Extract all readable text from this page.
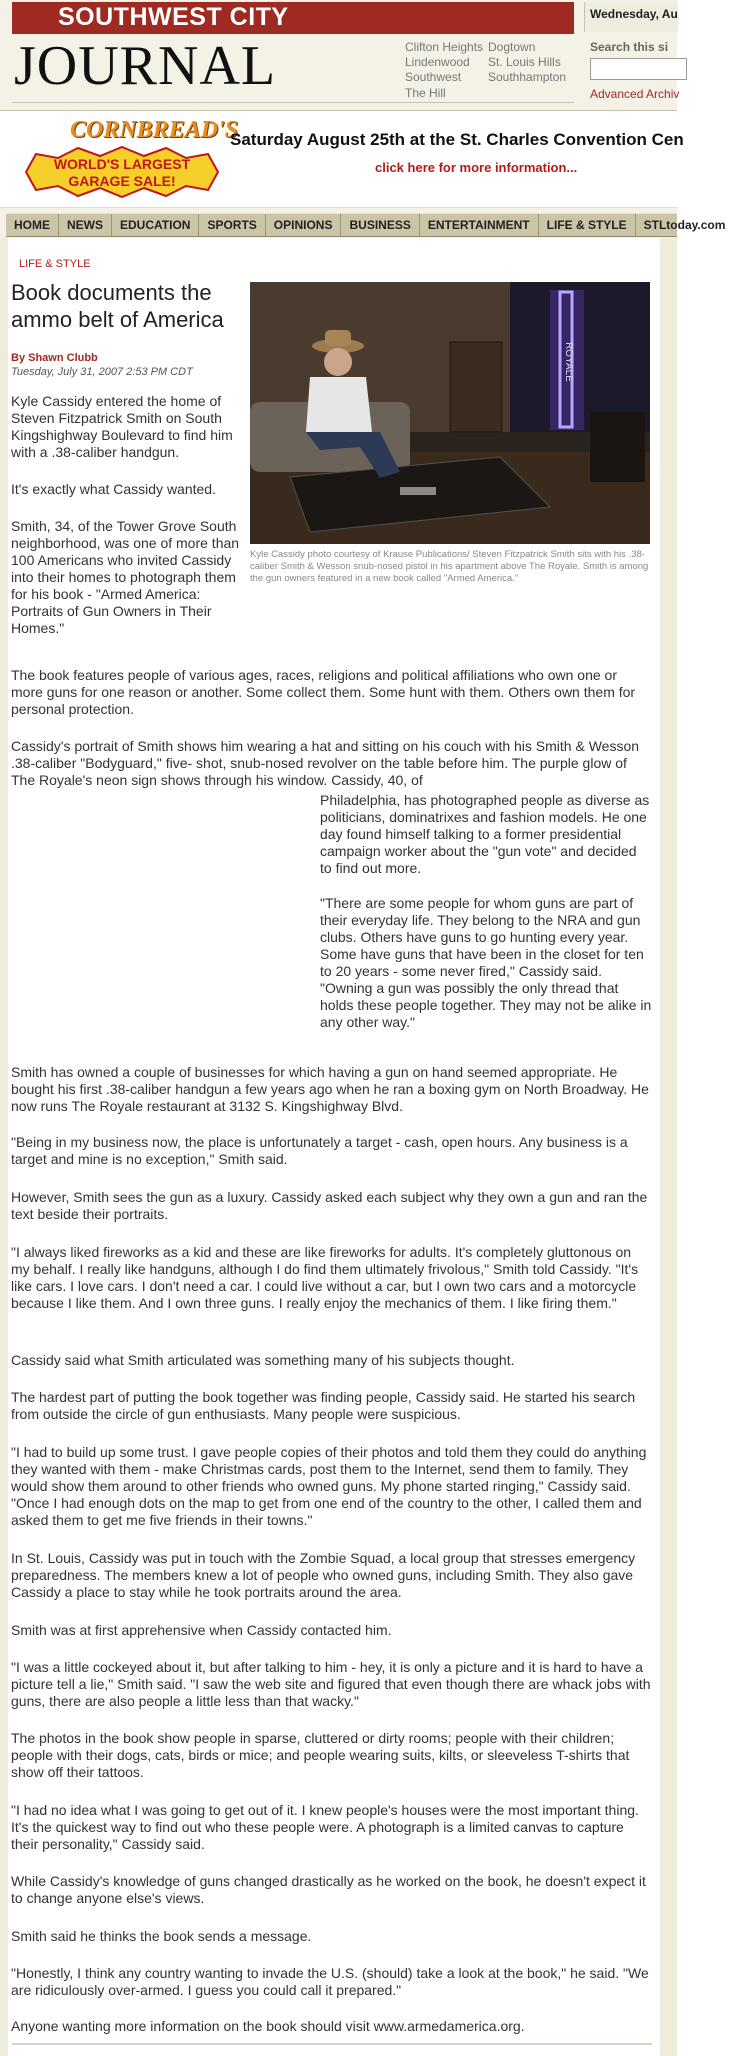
SOUTHWEST CITY
JOURNAL	Clifton Heights Dogtown
Lindenwood St. Louis Hills
Southwest Southhampton
The Hill
Wednesday, Au
Search this si
Advanced Archiv
CORNBREAD'S
WORLD'S LARGEST
GARAGE SALE!
Saturday August 25th at the St. Charles Convention Cen
click here for more information...
HOME	NEWS	EDUCATION	SPORTS	OPINIONS	BUSINESS	ENTERTAINMENT	LIFE & STYLE	STLtoday.com
LIFE & STYLE
Book documents the ammo belt of America
By Shawn Clubb
Tuesday, July 31, 2007 2:53 PM CDT	ROYALE
Kyle Cassidy photo courtesy of Krause Publications/ Steven Fitzpatrick Smith sits with his .38-caliber Smith & Wesson snub-nosed pistol in his apartment above The Royale. Smith is among the gun owners featured in a new book called "Armed America."

Kyle Cassidy entered the home of Steven Fitzpatrick Smith on South Kingshighway Boulevard to find him with a .38-caliber handgun.

It's exactly what Cassidy wanted.

Smith, 34, of the Tower Grove South neighborhood, was one of more than 100 Americans who invited Cassidy into their homes to photograph them for his book - "Armed America: Portraits of Gun Owners in Their Homes."

The book features people of various ages, races, religions and political affiliations who own one or more guns for one reason or another. Some collect them. Some hunt with them. Others own them for personal protection.

Cassidy's portrait of Smith shows him wearing a hat and sitting on his couch with his Smith & Wesson .38-caliber "Bodyguard," five- shot, snub-nosed revolver on the table before him. The purple glow of The Royale's neon sign shows through his window. Cassidy, 40, of

Philadelphia, has photographed people as diverse as politicians, dominatrixes and fashion models. He one day found himself talking to a former presidential campaign worker about the "gun vote" and decided to find out more.

"There are some people for whom guns are part of their everyday life. They belong to the NRA and gun clubs. Others have guns to go hunting every year. Some have guns that have been in the closet for ten to 20 years - some never fired," Cassidy said. "Owning a gun was possibly the only thread that holds these people together. They may not be alike in any other way."

Smith has owned a couple of businesses for which having a gun on hand seemed appropriate. He bought his first .38-caliber handgun a few years ago when he ran a boxing gym on North Broadway. He now runs The Royale restaurant at 3132 S. Kingshighway Blvd.

"Being in my business now, the place is unfortunately a target - cash, open hours. Any business is a target and mine is no exception," Smith said.

However, Smith sees the gun as a luxury. Cassidy asked each subject why they own a gun and ran the text beside their portraits.

"I always liked fireworks as a kid and these are like fireworks for adults. It's completely gluttonous on my behalf. I really like handguns, although I do find them ultimately frivolous," Smith told Cassidy. "It's like cars. I love cars. I don't need a car. I could live without a car, but I own two cars and a motorcycle because I like them. And I own three guns. I really enjoy the mechanics of them. I like firing them."

Cassidy said what Smith articulated was something many of his subjects thought.

The hardest part of putting the book together was finding people, Cassidy said. He started his search from outside the circle of gun enthusiasts. Many people were suspicious.

"I had to build up some trust. I gave people copies of their photos and told them they could do anything they wanted with them - make Christmas cards, post them to the Internet, send them to family. They would show them around to other friends who owned guns. My phone started ringing," Cassidy said. "Once I had enough dots on the map to get from one end of the country to the other, I called them and asked them to get me five friends in their towns."

In St. Louis, Cassidy was put in touch with the Zombie Squad, a local group that stresses emergency preparedness. The members knew a lot of people who owned guns, including Smith. They also gave Cassidy a place to stay while he took portraits around the area.

Smith was at first apprehensive when Cassidy contacted him.

"I was a little cockeyed about it, but after talking to him - hey, it is only a picture and it is hard to have a picture tell a lie," Smith said. "I saw the web site and figured that even though there are whack jobs with guns, there are also people a little less than that wacky."

The photos in the book show people in sparse, cluttered or dirty rooms; people with their children; people with their dogs, cats, birds or mice; and people wearing suits, kilts, or sleeveless T-shirts that show off their tattoos.

"I had no idea what I was going to get out of it. I knew people's houses were the most important thing. It's the quickest way to find out who these people were. A photograph is a limited canvas to capture their personality," Cassidy said.

While Cassidy's knowledge of guns changed drastically as he worked on the book, he doesn't expect it to change anyone else's views.

Smith said he thinks the book sends a message.

"Honestly, I think any country wanting to invade the U.S. (should) take a look at the book," he said. "We are ridiculously over-armed. I guess you could call it prepared."

Anyone wanting more information on the book should visit www.armedamerica.org.
